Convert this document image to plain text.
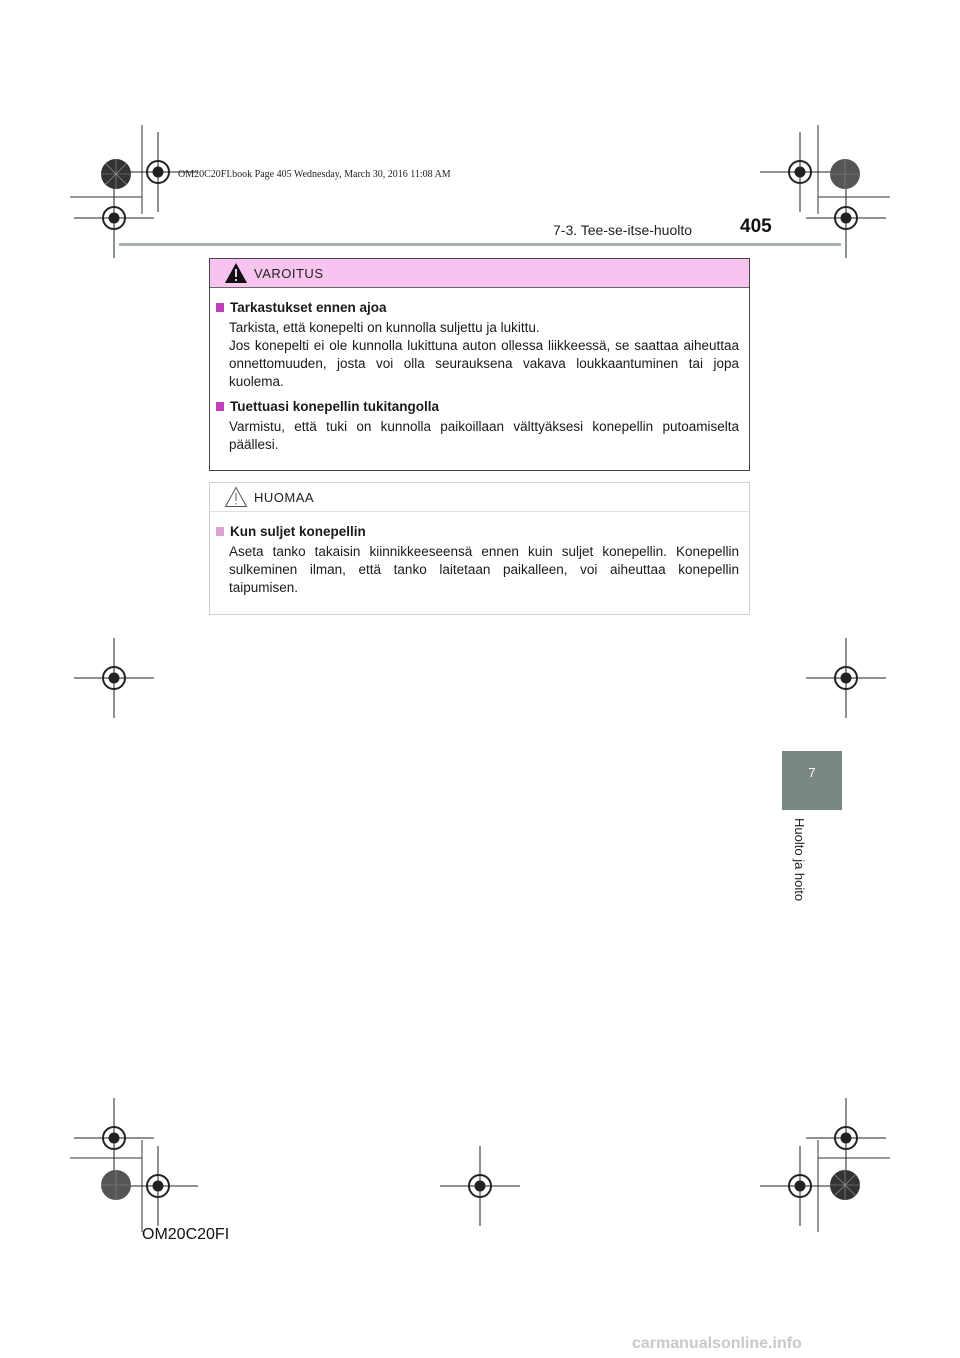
OM20C20FI.book Page 405 Wednesday, March 30, 2016 11:08 AM
7-3. Tee-se-itse-huolto	405
VAROITUS
Tarkastukset ennen ajoa

Tarkista, että konepelti on kunnolla suljettu ja lukittu.

Jos konepelti ei ole kunnolla lukittuna auton ollessa liikkeessä, se saattaa aiheuttaa onnettomuuden, josta voi olla seurauksena vakava loukkaantuminen tai jopa kuolema.

Tuettuasi konepellin tukitangolla

Varmistu, että tuki on kunnolla paikoillaan välttyäksesi konepellin putoamiselta päällesi.

HUOMAA
Kun suljet konepellin

Aseta tanko takaisin kiinnikkeeseensä ennen kuin suljet konepellin. Konepellin sulkeminen ilman, että tanko laitetaan paikalleen, voi aiheuttaa konepellin taipumisen.

7
Huolto ja hoito
OM20C20FI
carmanualsonline.info
